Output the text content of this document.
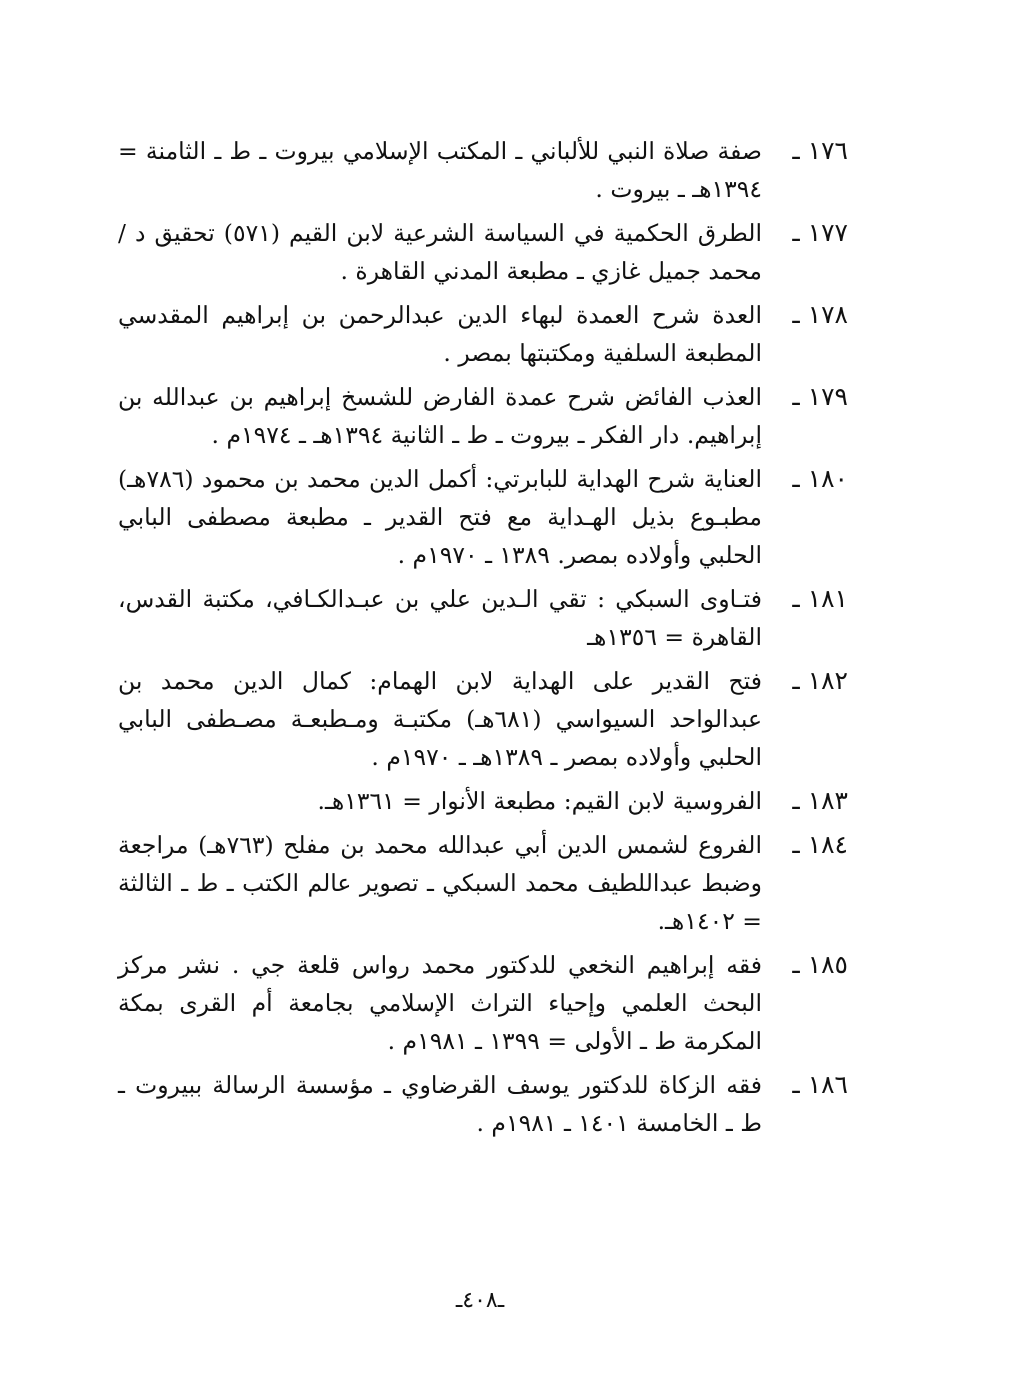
١٧٦ ـ
صفة صلاة النبي للألباني ـ المكتب الإسلامي بيروت ـ ط ـ الثامنة = ١٣٩٤هـ ـ بيروت .
١٧٧ ـ
الطرق الحكمية في السياسة الشرعية لابن القيم (٥٧١) تحقيق د / محمد جميل غازي ـ مطبعة المدني القاهرة .
١٧٨ ـ
العدة شرح العمدة لبهاء الدين عبدالرحمن بن إبراهيم المقدسي المطبعة السلفية ومكتبتها بمصر .
١٧٩ ـ
العذب الفائض شرح عمدة الفارض للشسخ إبراهيم بن عبدالله بن إبراهيم. دار الفكر ـ بيروت ـ ط ـ الثانية ١٣٩٤هـ ـ ١٩٧٤م .
١٨٠ ـ
العناية شرح الهداية للبابرتي: أكمل الدين محمد بن محمود (٧٨٦هـ) مطبـوع بذيل الهـداية مع فتح القدير ـ مطبعة مصطفى البابي الحلبي وأولاده بمصر. ١٣٨٩ ـ ١٩٧٠م .
١٨١ ـ
فتـاوى السبكي : تقي الـدين علي بن عبـدالكـافي، مكتبة القدس، القاهرة = ١٣٥٦هـ
١٨٢ ـ
فتح القدير على الهداية لابن الهمام: كمال الدين محمد بن عبدالواحد السيواسي (٦٨١هـ) مكتبـة ومـطبعـة مصـطفى البابي الحلبي وأولاده بمصر ـ ١٣٨٩هـ ـ ١٩٧٠م .
١٨٣ ـ
الفروسية لابن القيم: مطبعة الأنوار = ١٣٦١هـ.
١٨٤ ـ
الفروع لشمس الدين أبي عبدالله محمد بن مفلح (٧٦٣هـ) مراجعة وضبط عبداللطيف محمد السبكي ـ تصوير عالم الكتب ـ ط ـ الثالثة = ١٤٠٢هـ.
١٨٥ ـ
فقه إبراهيم النخعي للدكتور محمد رواس قلعة جي . نشر مركز البحث العلمي وإحياء التراث الإسلامي بجامعة أم القرى بمكة المكرمة ط ـ الأولى = ١٣٩٩ ـ ١٩٨١م .
١٨٦ ـ
فقه الزكاة للدكتور يوسف القرضاوي ـ مؤسسة الرسالة ببيروت ـ ط ـ الخامسة ١٤٠١ ـ ١٩٨١م .
ـ٤٠٨ـ
